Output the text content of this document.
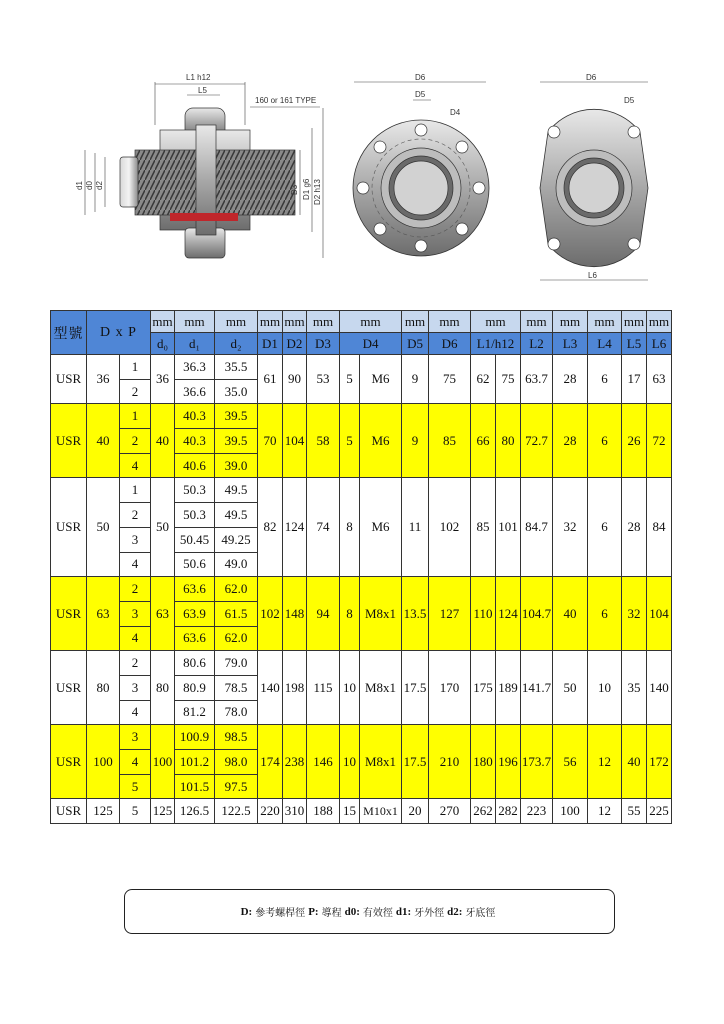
L1 h12
L5
160 or 161 TYPE
d1 d0 d2	D3 D1 g6 D2 h13
D6
D5
D4
D6
D5
L6
型號	D x P		mm	mm	mm	mm	mm	mm	mm		mm	mm	mm		mm	mm	mm	mm	mm
			d₀	d₁	d₂	D1	D2	D3	D4		D5	D6	L1/h12		L2	L3	L4	L5	L6
USR	36	1	36	36.3	35.5	61	90	53	5	M6	9	75	62	75	63.7	28	6	17	63
		2		36.6	35.0														
USR	40	1	40	40.3	39.5	70	104	58	5	M6	9	85	66	80	72.7	28	6	26	72
		2		40.3	39.5														
		4		40.6	39.0														
USR	50	1	50	50.3	49.5	82	124	74	8	M6	11	102	85	101	84.7	32	6	28	84
		2		50.3	49.5														
		3		50.45	49.25														
		4		50.6	49.0														
USR	63	2	63	63.6	62.0	102	148	94	8	M8x1	13.5	127	110	124	104.7	40	6	32	104
		3		63.9	61.5														
		4		63.6	62.0														
USR	80	2	80	80.6	79.0	140	198	115	10	M8x1	17.5	170	175	189	141.7	50	10	35	140
		3		80.9	78.5														
		4		81.2	78.0														
USR	100	3	100	100.9	98.5	174	238	146	10	M8x1	17.5	210	180	196	173.7	56	12	40	172
		4		101.2	98.0														
		5		101.5	97.5														
USR	125	5	125	126.5	122.5	220	310	188	15	M10x1	20	270	262	282	223	100	12	55	225
D: 參考螺桿徑 P: 導程 d0: 有效徑 d1: 牙外徑 d2: 牙底徑
